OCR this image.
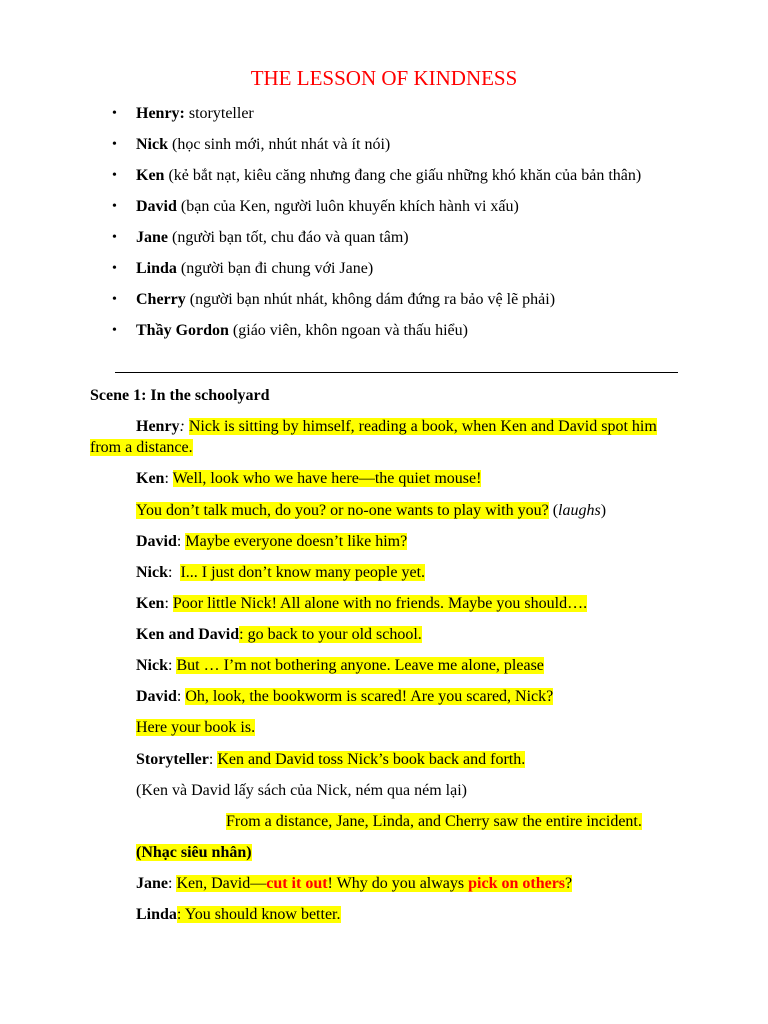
THE LESSON OF KINDNESS
• Henry: storyteller
• Nick (học sinh mới, nhút nhát và ít nói)
• Ken (kẻ bắt nạt, kiêu căng nhưng đang che giấu những khó khăn của bản thân)
• David (bạn của Ken, người luôn khuyến khích hành vi xấu)
• Jane (người bạn tốt, chu đáo và quan tâm)
• Linda (người bạn đi chung với Jane)
• Cherry (người bạn nhút nhát, không dám đứng ra bảo vệ lẽ phải)
• Thầy Gordon (giáo viên, khôn ngoan và thấu hiểu)
Scene 1: In the schoolyard
Henry: Nick is sitting by himself, reading a book, when Ken and David spot him
from a distance.
Ken: Well, look who we have here—the quiet mouse!
You don’t talk much, do you? or no-one wants to play with you? (laughs)
David: Maybe everyone doesn’t like him?
Nick:  I... I just don’t know many people yet.
Ken: Poor little Nick! All alone with no friends. Maybe you should….
Ken and David: go back to your old school.
Nick: But … I’m not bothering anyone. Leave me alone, please
David: Oh, look, the bookworm is scared! Are you scared, Nick?
Here your book is.
Storyteller: Ken and David toss Nick’s book back and forth.
(Ken và David lấy sách của Nick, ném qua ném lại)
From a distance, Jane, Linda, and Cherry saw the entire incident.
(Nhạc siêu nhân)
Jane: Ken, David—cut it out! Why do you always pick on others?
Linda: You should know better.
